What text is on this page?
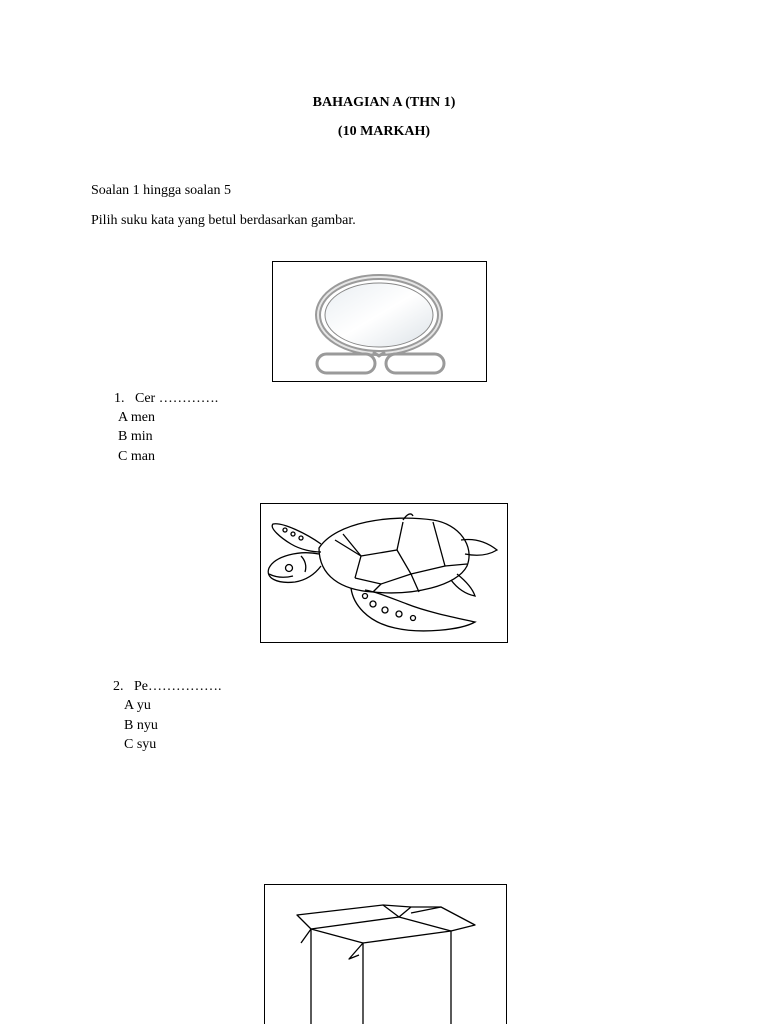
BAHAGIAN A (THN 1)
(10 MARKAH)
Soalan 1 hingga soalan 5
Pilih suku kata yang betul berdasarkan gambar.
1. Cer ………….
A men
B min
C man
2. Pe…………….
A yu
B nyu
C syu
